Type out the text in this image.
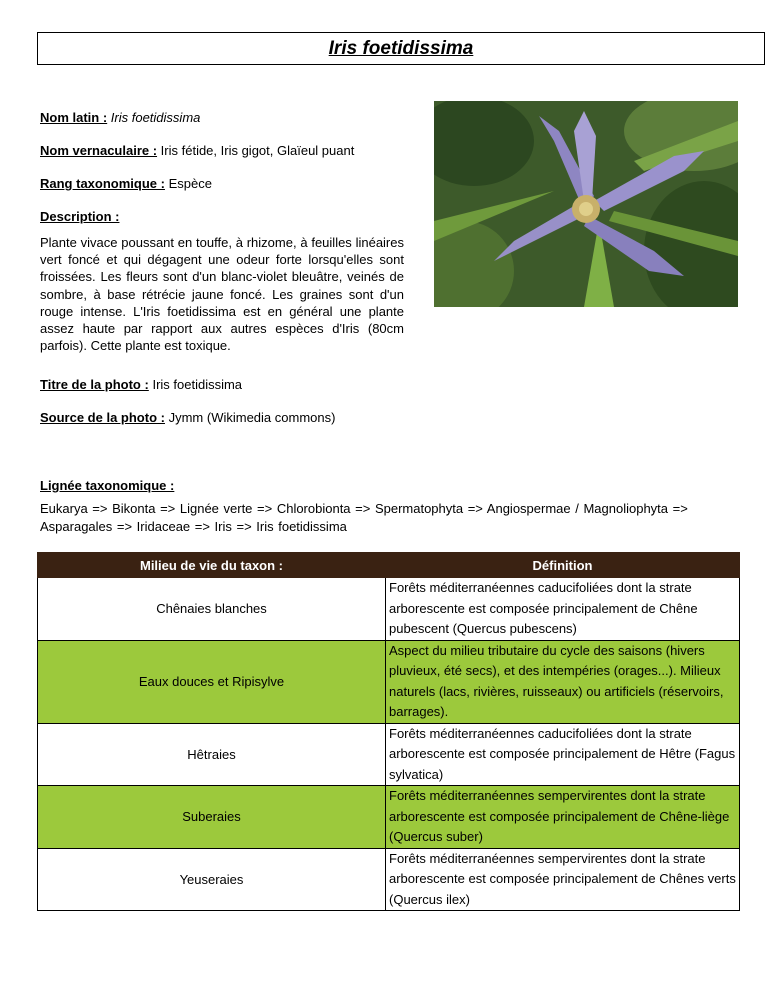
Iris foetidissima
Nom latin : Iris foetidissima
Nom vernaculaire : Iris fétide, Iris gigot, Glaïeul puant
Rang taxonomique : Espèce
Description :
Plante vivace poussant en touffe, à rhizome, à feuilles linéaires vert foncé et qui dégagent une odeur forte lorsqu'elles sont froissées. Les fleurs sont d'un blanc-violet bleuâtre, veinés de sombre, à base rétrécie jaune foncé. Les graines sont d'un rouge intense. L'Iris foetidissima est en général une plante assez haute par rapport aux autres espèces d'Iris (80cm parfois). Cette plante est toxique.
Titre de la photo : Iris foetidissima
Source de la photo : Jymm (Wikimedia commons)
Lignée taxonomique :
Eukarya => Bikonta => Lignée verte => Chlorobionta => Spermatophyta => Angiospermae / Magnoliophyta => Asparagales => Iridaceae => Iris => Iris foetidissima
Milieu de vie du taxon :	Définition
Chênaies blanches	Forêts méditerranéennes caducifoliées dont la strate arborescente est composée principalement de Chêne pubescent (Quercus pubescens)
Eaux douces et Ripisylve	Aspect du milieu tributaire du cycle des saisons (hivers pluvieux, été secs), et des intempéries (orages...). Milieux naturels (lacs, rivières, ruisseaux) ou artificiels (réservoirs, barrages).
Hêtraies	Forêts méditerranéennes caducifoliées dont la strate arborescente est composée principalement de Hêtre (Fagus sylvatica)
Suberaies	Forêts méditerranéennes sempervirentes dont la strate arborescente est composée principalement de Chêne-liège (Quercus suber)
Yeuseraies	Forêts méditerranéennes sempervirentes dont la strate arborescente est composée principalement de Chênes verts (Quercus ilex)
